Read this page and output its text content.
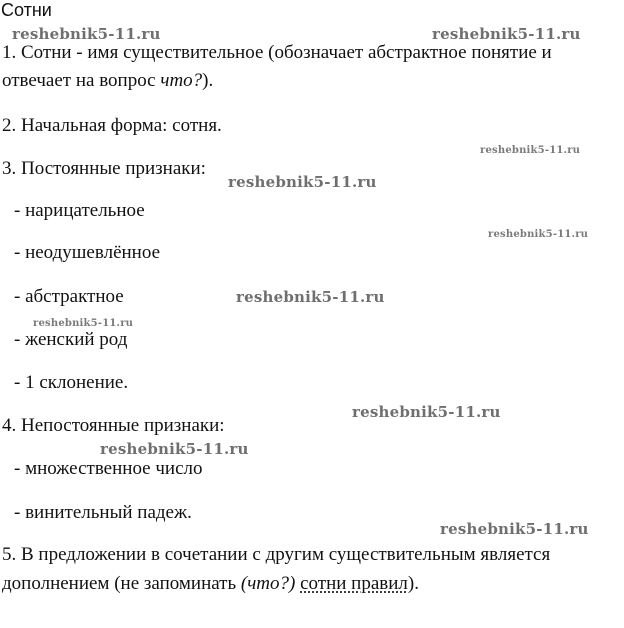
Сотни
1. Сотни - имя существительное (обозначает абстрактное понятие и
отвечает на вопрос что?).
2. Начальная форма: сотня.
3. Постоянные признаки:
- нарицательное
- неодушевлённое
- абстрактное
- женский род
- 1 склонение.
4. Непостоянные признаки:
- множественное число
- винительный падеж.
5. В предложении в сочетании с другим существительным является
дополнением (не запоминать (что?) сотни правил).
reshebnik5-11.ru	reshebnik5-11.ru
reshebnik5-11.ru
reshebnik5-11.ru
reshebnik5-11.ru
reshebnik5-11.ru
reshebnik5-11.ru
reshebnik5-11.ru
reshebnik5-11.ru
reshebnik5-11.ru
